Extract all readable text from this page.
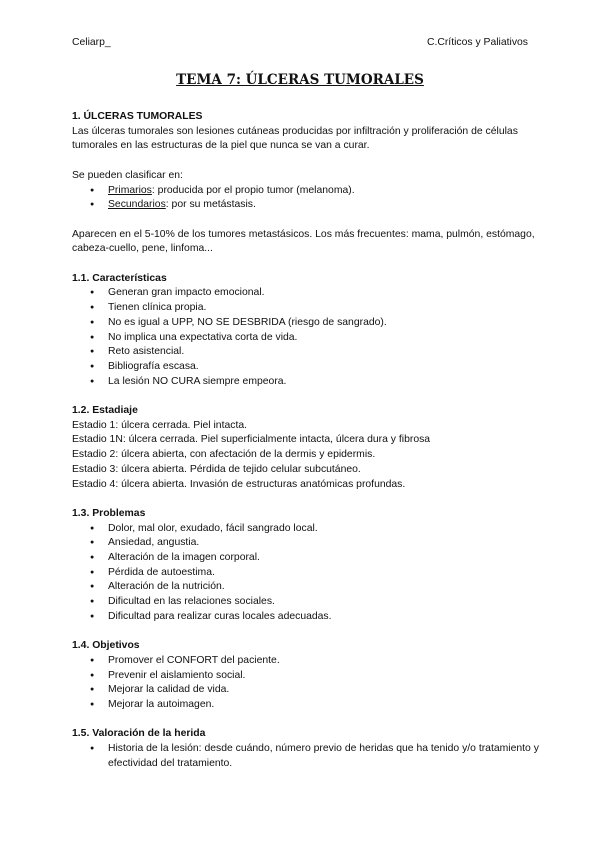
Celiarp_	C.Críticos y Paliativos
TEMA 7: ÚLCERAS TUMORALES
1. ÚLCERAS TUMORALES

Las úlceras tumorales son lesiones cutáneas producidas por infiltración y proliferación de células tumorales en las estructuras de la piel que nunca se van a curar.

Se pueden clasificar en:

● Primarios: producida por el propio tumor (melanoma).
● Secundarios: por su metástasis.

Aparecen en el 5-10% de los tumores metastásicos. Los más frecuentes: mama, pulmón, estómago, cabeza-cuello, pene, linfoma...

1.1. Características
● Generan gran impacto emocional.
● Tienen clínica propia.
● No es igual a UPP, NO SE DESBRIDA (riesgo de sangrado).
● No implica una expectativa corta de vida.
● Reto asistencial.
● Bibliografía escasa.
● La lesión NO CURA siempre empeora.
1.2. Estadiaje

Estadio 1: úlcera cerrada. Piel intacta.

Estadio 1N: úlcera cerrada. Piel superficialmente intacta, úlcera dura y fibrosa

Estadio 2: úlcera abierta, con afectación de la dermis y epidermis.

Estadio 3: úlcera abierta. Pérdida de tejido celular subcutáneo.

Estadio 4: úlcera abierta. Invasión de estructuras anatómicas profundas.

1.3. Problemas
● Dolor, mal olor, exudado, fácil sangrado local.
● Ansiedad, angustia.
● Alteración de la imagen corporal.
● Pérdida de autoestima.
● Alteración de la nutrición.
● Dificultad en las relaciones sociales.
● Dificultad para realizar curas locales adecuadas.
1.4. Objetivos
● Promover el CONFORT del paciente.
● Prevenir el aislamiento social.
● Mejorar la calidad de vida.
● Mejorar la autoimagen.
1.5. Valoración de la herida
● Historia de la lesión: desde cuándo, número previo de heridas que ha tenido y/o tratamiento y efectividad del tratamiento.
